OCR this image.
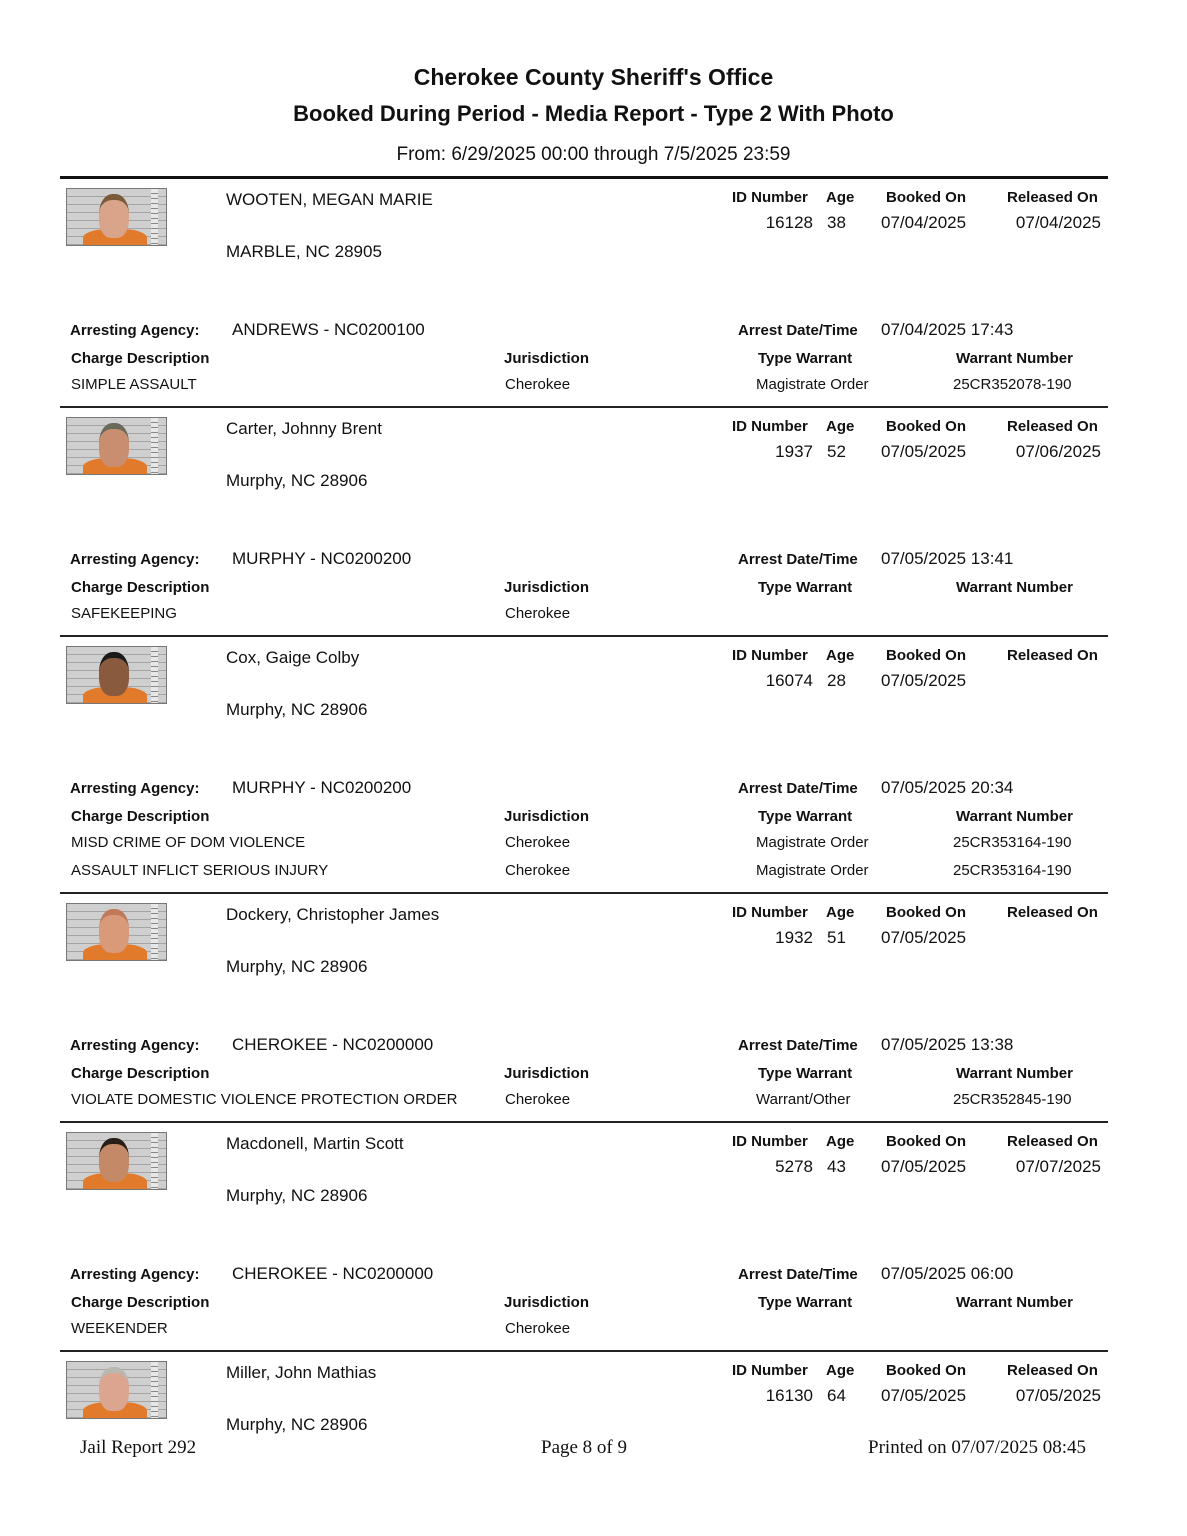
Cherokee County Sheriff's Office
Booked During Period - Media Report - Type 2 With Photo
From: 6/29/2025 00:00 through 7/5/2025 23:59
WOOTEN, MEGAN MARIE
MARBLE, NC 28905
ID Number Age Booked On	Released On
16128 38 07/04/2025	07/04/2025
Arresting Agency: ANDREWS - NC0200100	Arrest Date/Time 07/04/2025 17:43
Charge Description	Jurisdiction	Type Warrant	Warrant Number
SIMPLE ASSAULT	Cherokee	Magistrate Order	25CR352078-190
Carter, Johnny Brent
Murphy, NC 28906
ID Number Age Booked On	Released On
1937 52 07/05/2025	07/06/2025
Arresting Agency: MURPHY - NC0200200	Arrest Date/Time 07/05/2025 13:41
Charge Description	Jurisdiction	Type Warrant	Warrant Number
SAFEKEEPING	Cherokee
Cox, Gaige Colby
Murphy, NC 28906
ID Number Age Booked On	Released On
16074 28 07/05/2025
Arresting Agency: MURPHY - NC0200200	Arrest Date/Time 07/05/2025 20:34
Charge Description	Jurisdiction	Type Warrant	Warrant Number
MISD CRIME OF DOM VIOLENCE	Cherokee	Magistrate Order	25CR353164-190
ASSAULT INFLICT SERIOUS INJURY	Cherokee	Magistrate Order	25CR353164-190
Dockery, Christopher James
Murphy, NC 28906
ID Number Age Booked On	Released On
1932 51 07/05/2025
Arresting Agency: CHEROKEE - NC0200000	Arrest Date/Time 07/05/2025 13:38
Charge Description	Jurisdiction	Type Warrant	Warrant Number
VIOLATE DOMESTIC VIOLENCE PROTECTION ORDER	Cherokee	Warrant/Other	25CR352845-190
Macdonell, Martin Scott
Murphy, NC 28906
ID Number Age Booked On	Released On
5278 43 07/05/2025	07/07/2025
Arresting Agency: CHEROKEE - NC0200000	Arrest Date/Time 07/05/2025 06:00
Charge Description	Jurisdiction	Type Warrant	Warrant Number
WEEKENDER	Cherokee
Miller, John Mathias
Murphy, NC 28906
ID Number Age Booked On	Released On
16130 64 07/05/2025	07/05/2025
Jail Report 292	Page 8 of 9	Printed on 07/07/2025 08:45
